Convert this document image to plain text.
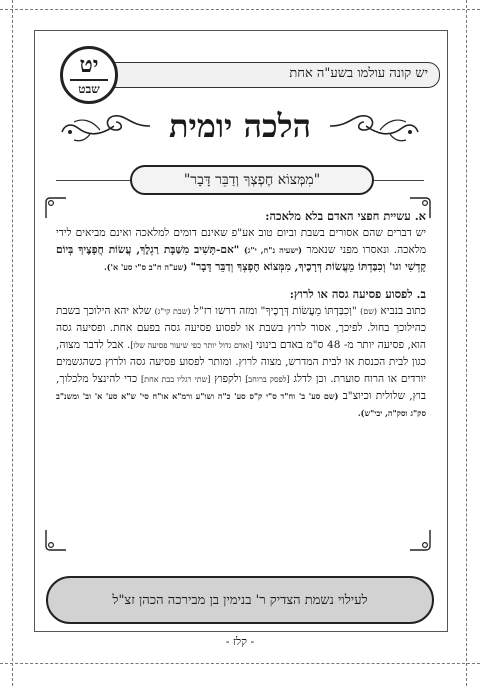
יש קונה עולמו בשע"ה אחת
יט
שבט
הלכה יומית
"מִמְּצוֹא חֶפְצְךָ וְדַבֵּר דָּבָר"

א. עשיית חפצי האדם בלא מלאכה:

יש דברים שהם אסורים בשבת וביום טוב אע"פ שאינם דומים למלאכה ואינם מביאים לידי מלאכה. ונאסרו מפני שנאמר (ישעיה נ"ח, י"ג) "אם-תָּשִׁיב מִשַּׁבָּת רַגְלֶךָ, עֲשׂוֹת חֲפָצֶיךָ בְּיוֹם קָדְשִׁי וגו' וְכִבַּדְתּוֹ מֵעֲשׂוֹת דְּרָכֶיךָ, מִמְּצוֹא חֶפְצְךָ וְדַבֵּר דָּבָר" (שע"ה ח"ב ס"י סע' א').

ב. לפסוע פסיעה גסה או לרוץ:

כתוב בנביא (שם) "וְכִבַּדְתּוֹ מֵעֲשׂוֹת דְּרָכֶיךָ" ומזה דרשו רז"ל (שבת קי"ג) שלא יהא הילוכך בשבת כהילוכך בחול. לפיכך, אסור לרוץ בשבת או לפסוע פסיעה גסה בפעם אחת. ופסיעה גסה הוא, פסיעה יותר מ- 48 ס"מ באדם בינוני [ואדם גדול יותר כפי שיעור פסיעה שלו]. אבל לדבר מצוה, כגון לבית הכנסת או לבית המדרש, מצוה לרוץ. ומותר לפסוע פסיעה גסה ולרוץ כשהגשמים יורדים או הרוח סוערת. וכן לדלג [לפסק ברוחב] ולקפוץ [שתי רגליו בבת אחת] כדי להינצל מלכלוך, בוץ, שלולית וכיוצ"ב (שם סע' ב' וח"ד ס"י ק"ס סע' כ"ה ושו"ע ורמ"א או"ח סי' ש"א סע' א' וב' ומשנ"ב סק"ג וסק"ה, יבי"ש).

לעילוי נשמת הצדיק ר' בנימין בן מבירכה הכהן זצ"ל
- קלז -
